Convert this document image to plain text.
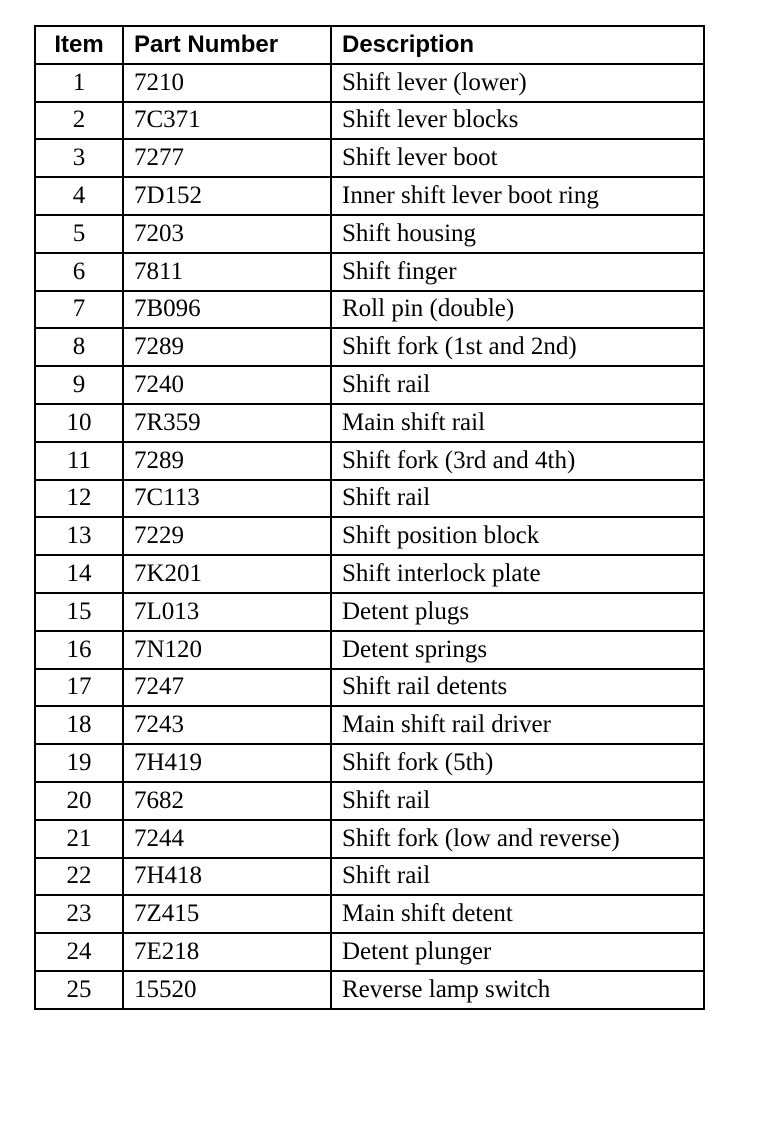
Item	Part Number	Description
1	7210	Shift lever (lower)
2	7C371	Shift lever blocks
3	7277	Shift lever boot
4	7D152	Inner shift lever boot ring
5	7203	Shift housing
6	7811	Shift finger
7	7B096	Roll pin (double)
8	7289	Shift fork (1st and 2nd)
9	7240	Shift rail
10	7R359	Main shift rail
11	7289	Shift fork (3rd and 4th)
12	7C113	Shift rail
13	7229	Shift position block
14	7K201	Shift interlock plate
15	7L013	Detent plugs
16	7N120	Detent springs
17	7247	Shift rail detents
18	7243	Main shift rail driver
19	7H419	Shift fork (5th)
20	7682	Shift rail
21	7244	Shift fork (low and reverse)
22	7H418	Shift rail
23	7Z415	Main shift detent
24	7E218	Detent plunger
25	15520	Reverse lamp switch
